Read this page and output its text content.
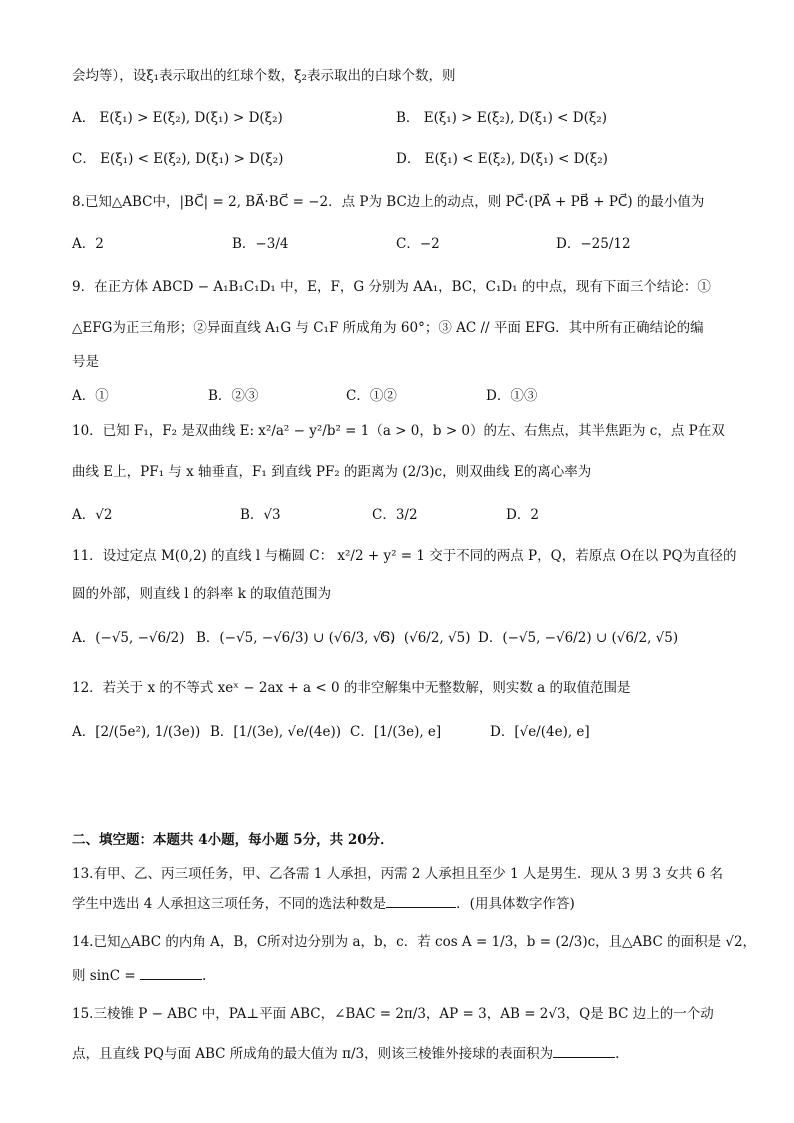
会均等），设ξ₁表示取出的红球个数，ξ₂表示取出的白球个数，则
A． E(ξ₁) > E(ξ₂), D(ξ₁) > D(ξ₂)	B． E(ξ₁) > E(ξ₂), D(ξ₁) < D(ξ₂)
C． E(ξ₁) < E(ξ₂), D(ξ₁) > D(ξ₂)	D． E(ξ₁) < E(ξ₂), D(ξ₁) < D(ξ₂)
8.已知△ABC中，|BC⃗| = 2, BA⃗·BC⃗ = −2．点 P为 BC边上的动点，则 PC⃗·(PA⃗ + PB⃗ + PC⃗) 的最小值为
A．2	B．−3/4	C．−2	D．−25/12
9．在正方体 ABCD − A₁B₁C₁D₁ 中，E，F，G 分别为 AA₁，BC，C₁D₁ 的中点，现有下面三个结论：①
△EFG为正三角形；②异面直线 A₁G 与 C₁F 所成角为 60°；③ AC // 平面 EFG．其中所有正确结论的编
号是
A．①	B．②③	C．①②	D．①③
10．已知 F₁，F₂ 是双曲线 E: x²/a² − y²/b² = 1（a > 0，b > 0）的左、右焦点，其半焦距为 c，点 P在双
曲线 E上，PF₁ 与 x 轴垂直，F₁ 到直线 PF₂ 的距离为 (2/3)c，则双曲线 E的离心率为
A．√2	B．√3	C．3/2	D．2
11．设过定点 M(0,2) 的直线 l 与椭圆 C： x²/2 + y² = 1 交于不同的两点 P，Q，若原点 O在以 PQ为直径的
圆的外部，则直线 l 的斜率 k 的取值范围为
A．(−√5, −√6/2) B．(−√5, −√6/3) ∪ (√6/3, √5)
C．(√6/2, √5) D．(−√5, −√6/2) ∪ (√6/2, √5)
12．若关于 x 的不等式 xeˣ − 2ax + a < 0 的非空解集中无整数解，则实数 a 的取值范围是
A．[2/(5e²), 1/(3e)) B．[1/(3e), √e/(4e)) C．[1/(3e), e]	D．[√e/(4e), e]
二、填空题：本题共 4小题，每小题 5分，共 20分．
13.有甲、乙、丙三项任务，甲、乙各需 1 人承担，丙需 2 人承担且至少 1 人是男生．现从 3 男 3 女共 6 名
学生中选出 4 人承担这三项任务，不同的选法种数是	．(用具体数字作答)
14.已知△ABC 的内角 A，B，C所对边分别为 a，b，c．若 cos A = 1/3，b = (2/3)c，且△ABC 的面积是 √2，
则 sinC =	.
15.三棱锥 P − ABC 中，PA⊥平面 ABC，∠BAC = 2π/3，AP = 3，AB = 2√3，Q是 BC 边上的一个动
点，且直线 PQ与面 ABC 所成角的最大值为 π/3，则该三棱锥外接球的表面积为	.
